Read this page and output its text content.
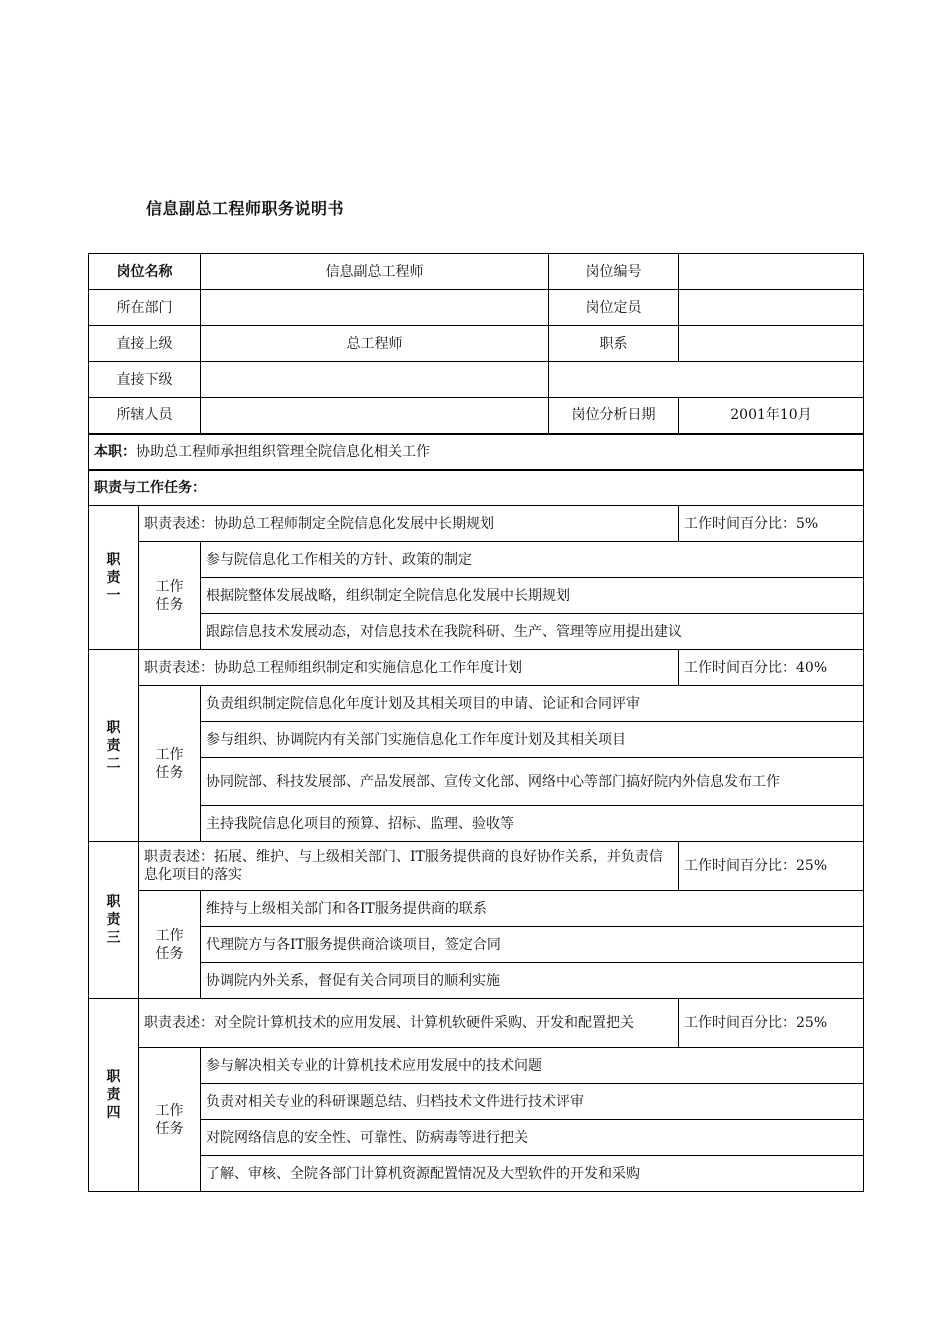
信息副总工程师职务说明书
岗位名称		信息副总工程师	岗位编号	
所在部门			岗位定员	
直接上级		总工程师	职系	
直接下级				
所辖人员			岗位分析日期	2001年10月
本职：协助总工程师承担组织管理全院信息化相关工作				
职责与工作任务：				

职
责
一	职责表述：协助总工程师制定全院信息化发展中长期规划			工作时间百分比：5%

	工作
任务	参与院信息化工作相关的方针、政策的制定		
		根据院整体发展战略，组织制定全院信息化发展中长期规划		
		跟踪信息技术发展动态，对信息技术在我院科研、生产、管理等应用提出建议		

职
责
二	职责表述：协助总工程师组织制定和实施信息化工作年度计划			工作时间百分比：40%

	工作
任务	负责组织制定院信息化年度计划及其相关项目的申请、论证和合同评审		
		参与组织、协调院内有关部门实施信息化工作年度计划及其相关项目		
		协同院部、科技发展部、产品发展部、宣传文化部、网络中心等部门搞好院内外信息发布工作		
		主持我院信息化项目的预算、招标、监理、验收等		

职
责
三	职责表述：拓展、维护、与上级相关部门、IT服务提供商的良好协作关系，并负责信息化项目的落实			工作时间百分比：25%

	工作
任务	维持与上级相关部门和各IT服务提供商的联系		
		代理院方与各IT服务提供商洽谈项目，签定合同		
		协调院内外关系，督促有关合同项目的顺利实施		

职
责
四	职责表述：对全院计算机技术的应用发展、计算机软硬件采购、开发和配置把关			工作时间百分比：25%

	工作
任务	参与解决相关专业的计算机技术应用发展中的技术问题		
		负责对相关专业的科研课题总结、归档技术文件进行技术评审		
		对院网络信息的安全性、可靠性、防病毒等进行把关		
		了解、审核、全院各部门计算机资源配置情况及大型软件的开发和采购		
